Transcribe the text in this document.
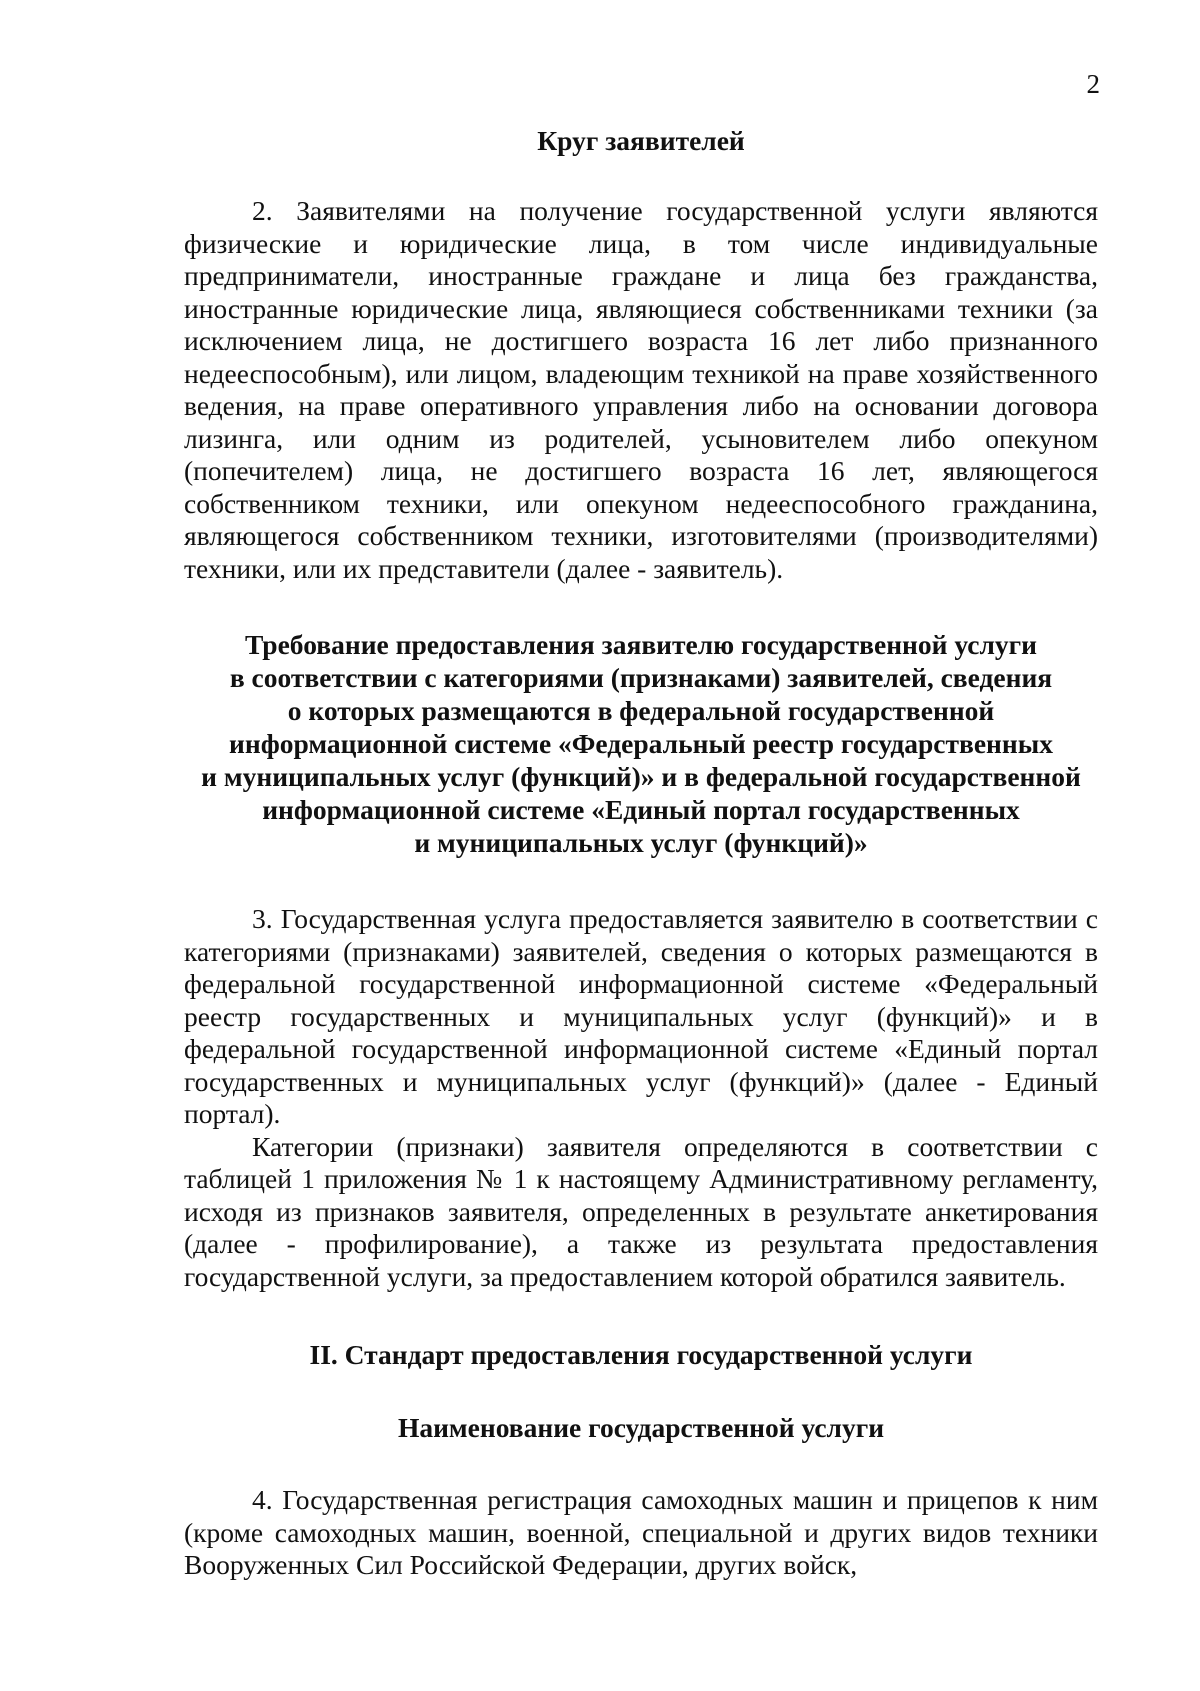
2
Круг заявителей

2. Заявителями на получение государственной услуги являются физические и юридические лица, в том числе индивидуальные предприниматели, иностранные граждане и лица без гражданства, иностранные юридические лица, являющиеся собственниками техники (за исключением лица, не достигшего возраста 16 лет либо признанного недееспособным), или лицом, владеющим техникой на праве хозяйственного ведения, на праве оперативного управления либо на основании договора лизинга, или одним из родителей, усыновителем либо опекуном (попечителем) лица, не достигшего возраста 16 лет, являющегося собственником техники, или опекуном недееспособного гражданина, являющегося собственником техники, изготовителями (производителями) техники, или их представители (далее - заявитель).

Требование предоставления заявителю государственной услуги
в соответствии с категориями (признаками) заявителей, сведения
о которых размещаются в федеральной государственной
информационной системе «Федеральный реестр государственных
и муниципальных услуг (функций)» и в федеральной государственной
информационной системе «Единый портал государственных
и муниципальных услуг (функций)»

3. Государственная услуга предоставляется заявителю в соответствии с категориями (признаками) заявителей, сведения о которых размещаются в федеральной государственной информационной системе «Федеральный реестр государственных и муниципальных услуг (функций)» и в федеральной государственной информационной системе «Единый портал государственных и муниципальных услуг (функций)» (далее - Единый портал).

Категории (признаки) заявителя определяются в соответствии с таблицей 1 приложения № 1 к настоящему Административному регламенту, исходя из признаков заявителя, определенных в результате анкетирования (далее - профилирование), а также из результата предоставления государственной услуги, за предоставлением которой обратился заявитель.

II. Стандарт предоставления государственной услуги
Наименование государственной услуги

4. Государственная регистрация самоходных машин и прицепов к ним (кроме самоходных машин, военной, специальной и других видов техники Вооруженных Сил Российской Федерации, других войск,
